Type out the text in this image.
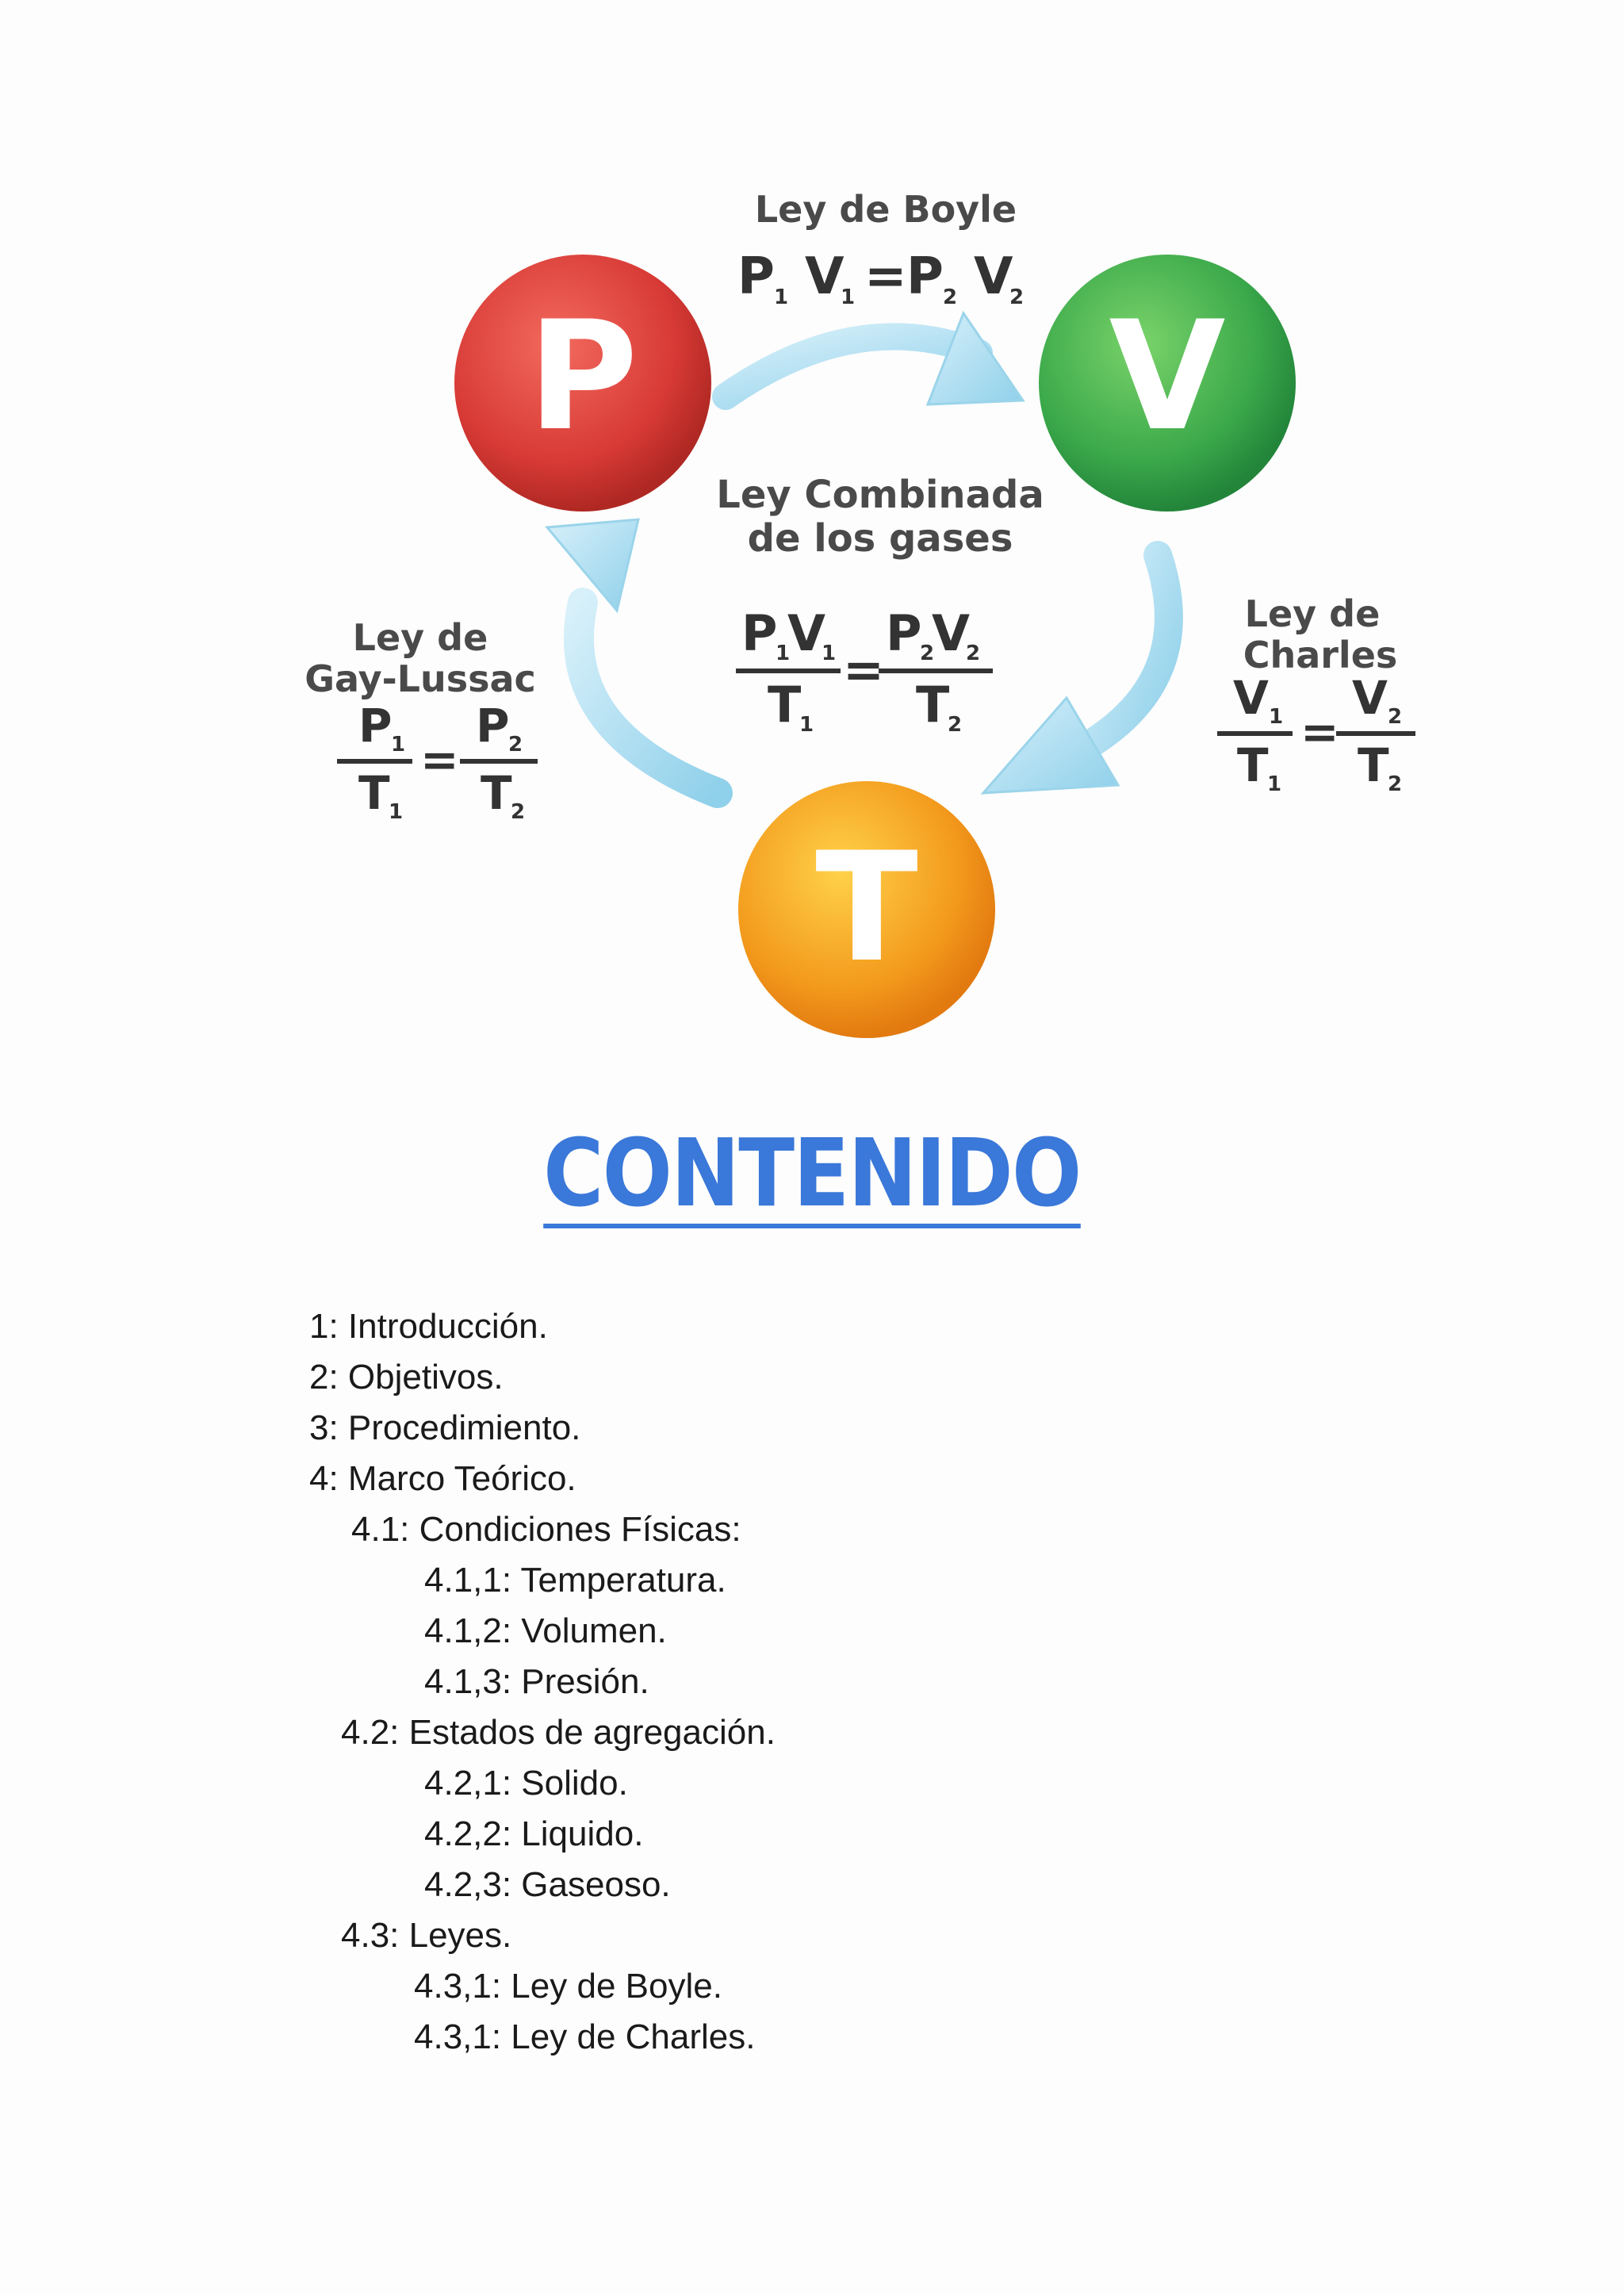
P	V
T
Ley de Boyle
P 1 V
1 = P 2 V
2
Ley Combinada
de los gases
P
1
V
1
T
1
=
P
2
V
2
T
2
Ley de
Gay-Lussac
P
1
T
1
=
P
2
T
2
Ley de
Charles
V 1
T
1
=
V 2
T
2
CONTENIDO
1: Introducción.
2: Objetivos.
3: Procedimiento.
4: Marco Teórico.
4.1: Condiciones Físicas:
4.1,1: Temperatura.
4.1,2: Volumen.
4.1,3: Presión.
4.2: Estados de agregación.
4.2,1: Solido.
4.2,2: Liquido.
4.2,3: Gaseoso.
4.3: Leyes.
4.3,1: Ley de Boyle.
4.3,1: Ley de Charles.
